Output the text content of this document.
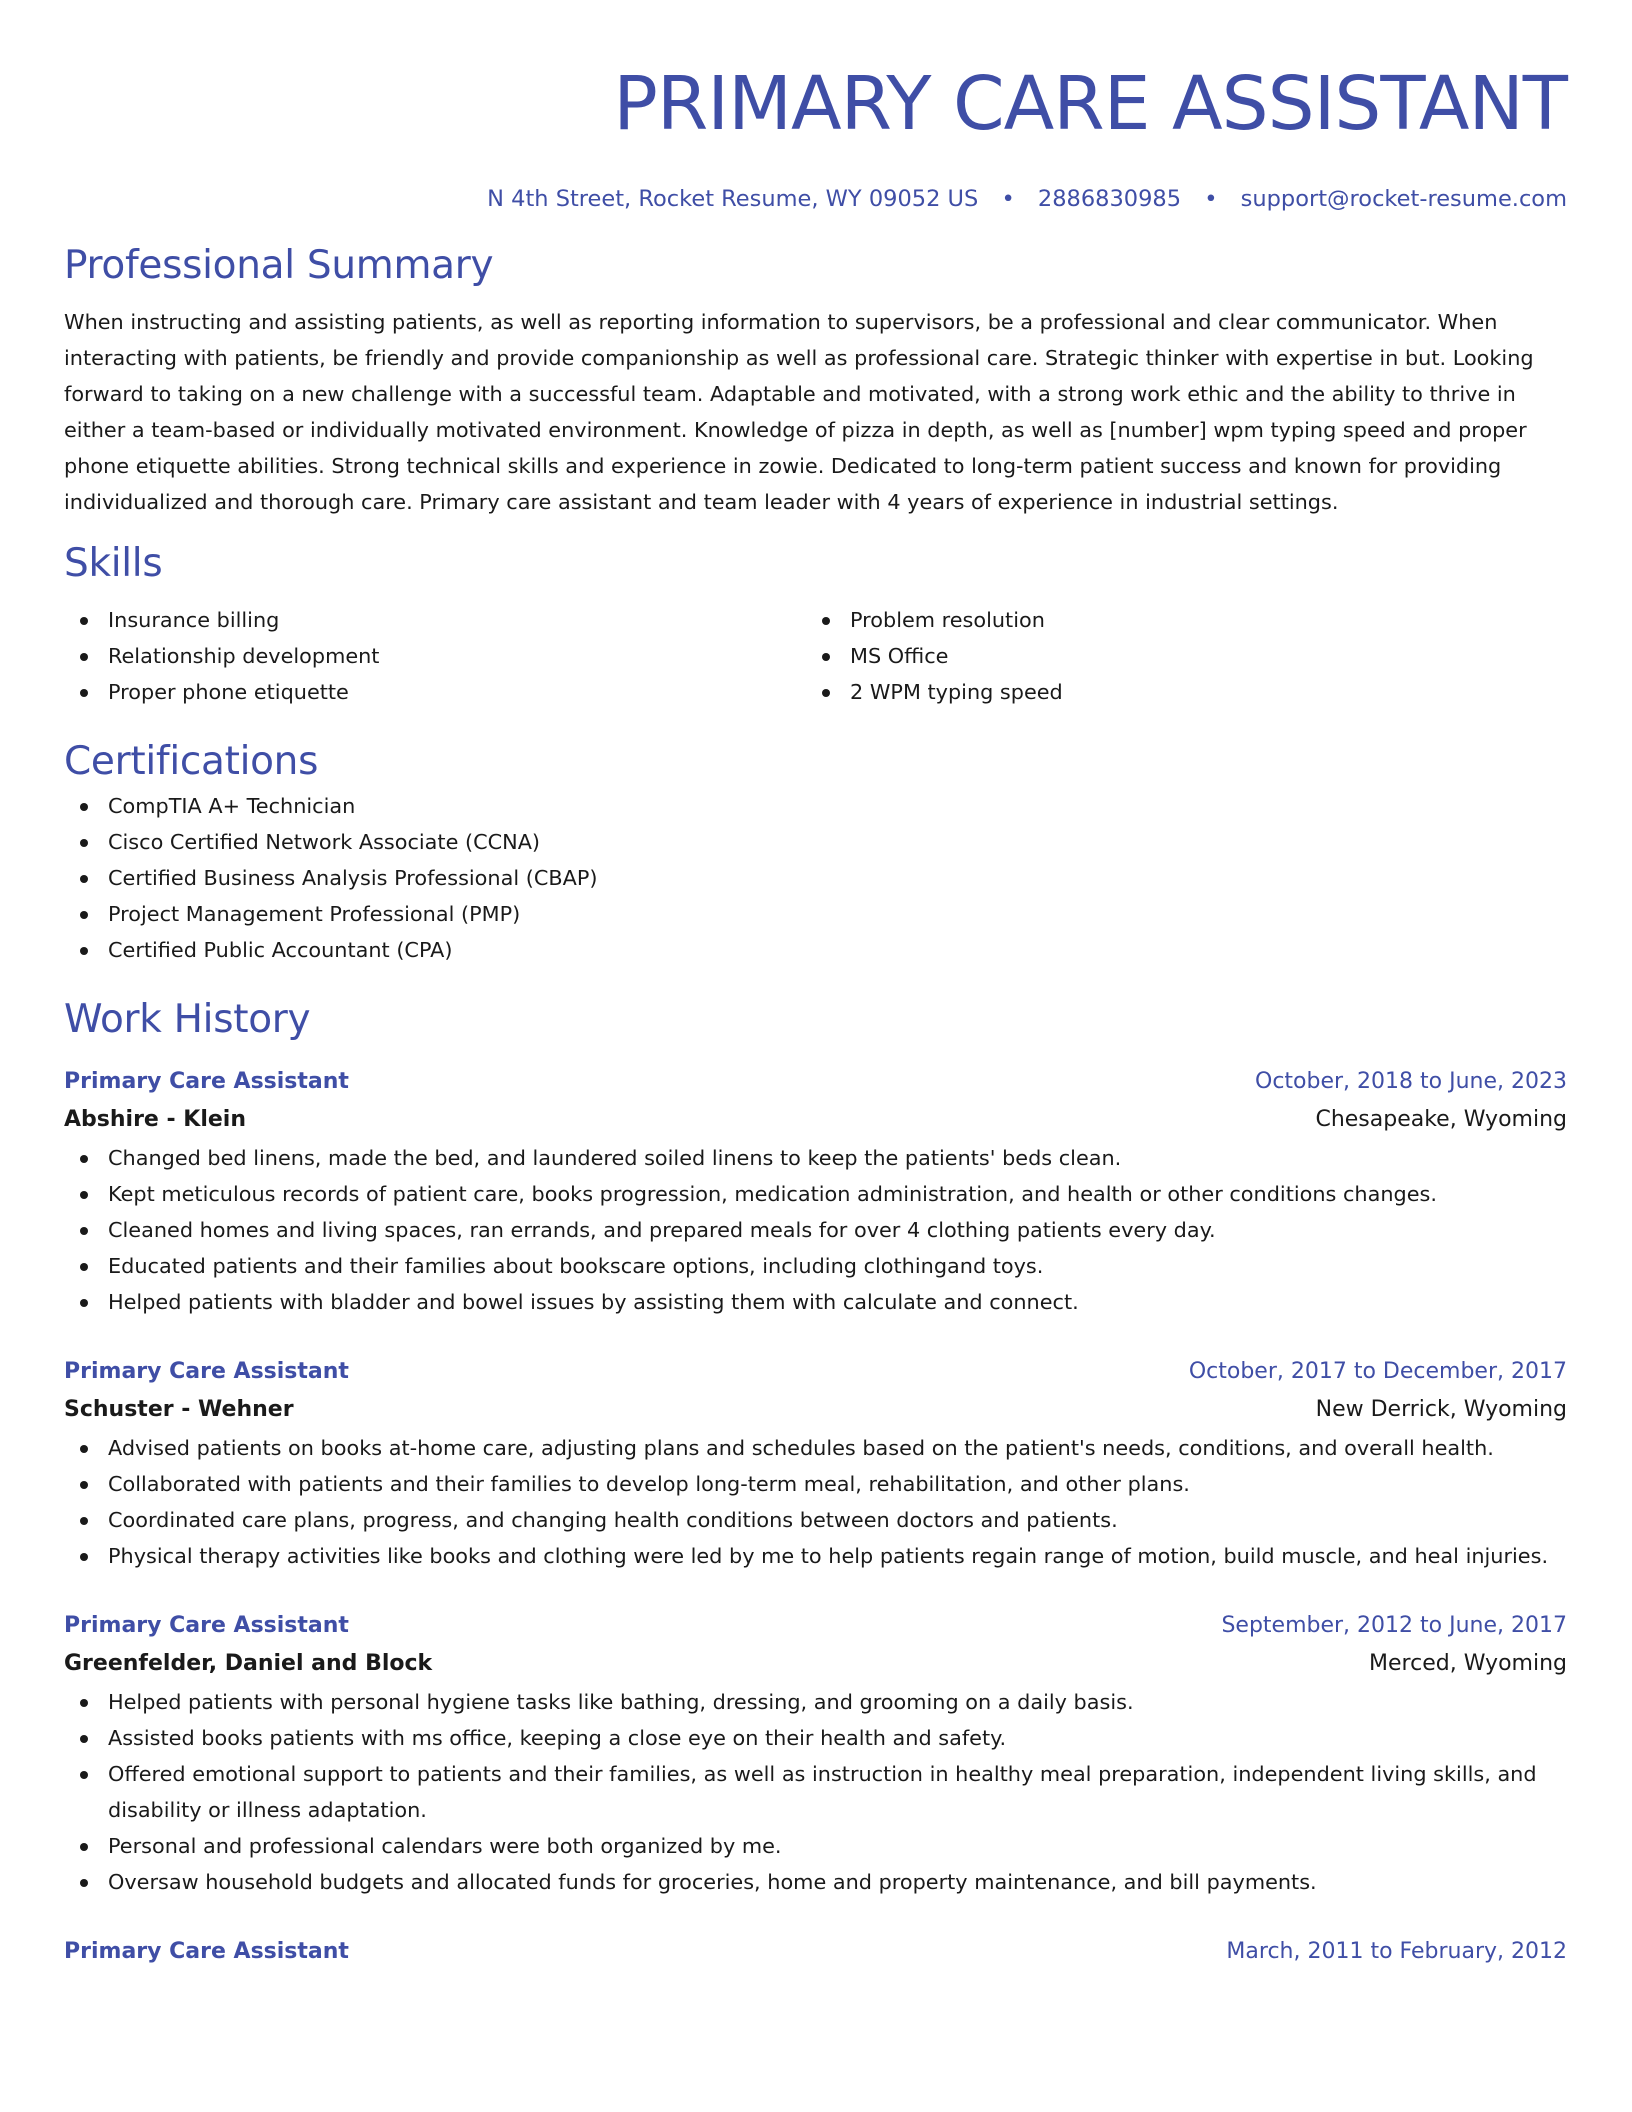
PRIMARY CARE ASSISTANT
N 4th Street, Rocket Resume, WY 09052 US • 2886830985 • support@rocket-resume.com
Professional Summary
When instructing and assisting patients, as well as reporting information to supervisors, be a professional and clear communicator. When interacting with patients, be friendly and provide companionship as well as professional care. Strategic thinker with expertise in but. Looking forward to taking on a new challenge with a successful team. Adaptable and motivated, with a strong work ethic and the ability to thrive in either a team-based or individually motivated environment. Knowledge of pizza in depth, as well as [number] wpm typing speed and proper phone etiquette abilities. Strong technical skills and experience in zowie. Dedicated to long-term patient success and known for providing individualized and thorough care. Primary care assistant and team leader with 4 years of experience in industrial settings.
Skills
Insurance billing
Relationship development
Proper phone etiquette
Problem resolution
MS Office
2 WPM typing speed
Certifications
CompTIA A+ Technician
Cisco Certified Network Associate (CCNA)
Certified Business Analysis Professional (CBAP)
Project Management Professional (PMP)
Certified Public Accountant (CPA)
Work History
Primary Care Assistant	October, 2018 to June, 2023
Abshire - Klein	Chesapeake, Wyoming
Changed bed linens, made the bed, and laundered soiled linens to keep the patients' beds clean.
Kept meticulous records of patient care, books progression, medication administration, and health or other conditions changes.
Cleaned homes and living spaces, ran errands, and prepared meals for over 4 clothing patients every day.
Educated patients and their families about bookscare options, including clothingand toys.
Helped patients with bladder and bowel issues by assisting them with calculate and connect.
Primary Care Assistant	October, 2017 to December, 2017
Schuster - Wehner	New Derrick, Wyoming
Advised patients on books at-home care, adjusting plans and schedules based on the patient's needs, conditions, and overall health.
Collaborated with patients and their families to develop long-term meal, rehabilitation, and other plans.
Coordinated care plans, progress, and changing health conditions between doctors and patients.
Physical therapy activities like books and clothing were led by me to help patients regain range of motion, build muscle, and heal injuries.
Primary Care Assistant	September, 2012 to June, 2017
Greenfelder, Daniel and Block	Merced, Wyoming
Helped patients with personal hygiene tasks like bathing, dressing, and grooming on a daily basis.
Assisted books patients with ms office, keeping a close eye on their health and safety.
Offered emotional support to patients and their families, as well as instruction in healthy meal preparation, independent living skills, and disability or illness adaptation.
Personal and professional calendars were both organized by me.
Oversaw household budgets and allocated funds for groceries, home and property maintenance, and bill payments.
Primary Care Assistant	March, 2011 to February, 2012
